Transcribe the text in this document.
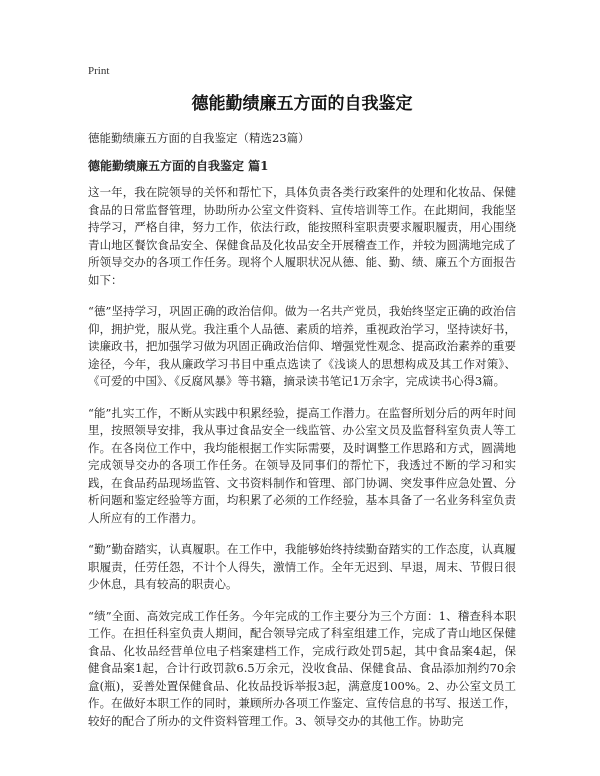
Print
德能勤绩廉五方面的自我鉴定
德能勤绩廉五方面的自我鉴定（精选23篇）
德能勤绩廉五方面的自我鉴定 篇1

这一年，我在院领导的关怀和帮忙下，具体负责各类行政案件的处理和化妆品、保健食品的日常监督管理，协助所办公室文件资料、宣传培训等工作。在此期间，我能坚持学习，严格自律，努力工作，依法行政，能按照科室职责要求履职履责，用心围绕青山地区餐饮食品安全、保健食品及化妆品安全开展稽查工作，并较为圆满地完成了所领导交办的各项工作任务。现将个人履职状况从德、能、勤、绩、廉五个方面报告如下：

“德”坚持学习，巩固正确的政治信仰。做为一名共产党员，我始终坚定正确的政治信仰，拥护党，服从党。我注重个人品德、素质的培养，重视政治学习，坚持读好书，读廉政书，把加强学习做为巩固正确政治信仰、增强党性观念、提高政治素养的重要途径，今年，我从廉政学习书目中重点选读了《浅谈人的思想构成及其工作对策》、《可爱的中国》、《反腐风暴》等书籍，摘录读书笔记1万余字，完成读书心得3篇。

“能”扎实工作，不断从实践中积累经验，提高工作潜力。在监督所划分后的两年时间里，按照领导安排，我从事过食品安全一线监管、办公室文员及监督科室负责人等工作。在各岗位工作中，我均能根据工作实际需要，及时调整工作思路和方式，圆满地完成领导交办的各项工作任务。在领导及同事们的帮忙下，我透过不断的学习和实践，在食品药品现场监管、文书资料制作和管理、部门协调、突发事件应急处置、分析问题和鉴定经验等方面，均积累了必须的工作经验，基本具备了一名业务科室负责人所应有的工作潜力。

“勤”勤奋踏实，认真履职。在工作中，我能够始终持续勤奋踏实的工作态度，认真履职履责，任劳任怨，不计个人得失，激情工作。全年无迟到、早退，周末、节假日很少休息，具有较高的职责心。

“绩”全面、高效完成工作任务。今年完成的工作主要分为三个方面：1、稽查科本职工作。在担任科室负责人期间，配合领导完成了科室组建工作，完成了青山地区保健食品、化妆品经营单位电子档案建档工作，完成行政处罚5起，其中食品案4起，保健食品案1起，合计行政罚款6.5万余元，没收食品、保健食品、食品添加剂约70余盒(瓶)，妥善处置保健食品、化妆品投诉举报3起，满意度100%。2、办公室文员工作。在做好本职工作的同时，兼顾所办各项工作鉴定、宣传信息的书写、报送工作，较好的配合了所办的文件资料管理工作。3、领导交办的其他工作。协助完
